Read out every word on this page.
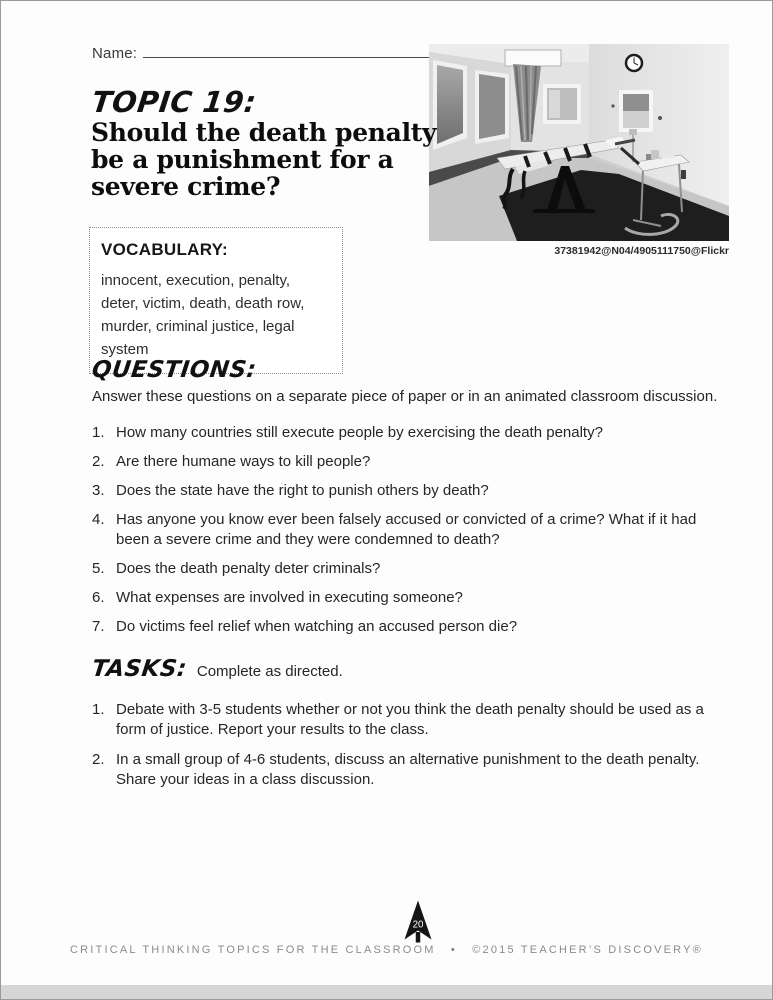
Name:
37381942@N04/4905111750@Flickr
TOPIC 19:
Should the death penalty
be a punishment for a
severe crime?
VOCABULARY:
innocent, execution, penalty, deter, victim, death, death row, murder, criminal justice, legal system
QUESTIONS:
Answer these questions on a separate piece of paper or in an animated classroom discussion.
1. How many countries still execute people by exercising the death penalty?
2. Are there humane ways to kill people?
3. Does the state have the right to punish others by death?
4. Has anyone you know ever been falsely accused or convicted of a crime? What if it had been a severe crime and they were condemned to death?
5. Does the death penalty deter criminals?
6. What expenses are involved in executing someone?
7. Do victims feel relief when watching an accused person die?
TASKS: Complete as directed.
1. Debate with 3-5 students whether or not you think the death penalty should be used as a form of justice. Report your results to the class.
2. In a small group of 4-6 students, discuss an alternative punishment to the death penalty. Share your ideas in a class discussion.
20
CRITICAL THINKING TOPICS FOR THE CLASSROOM • ©2015 TEACHER’S DISCOVERY®
